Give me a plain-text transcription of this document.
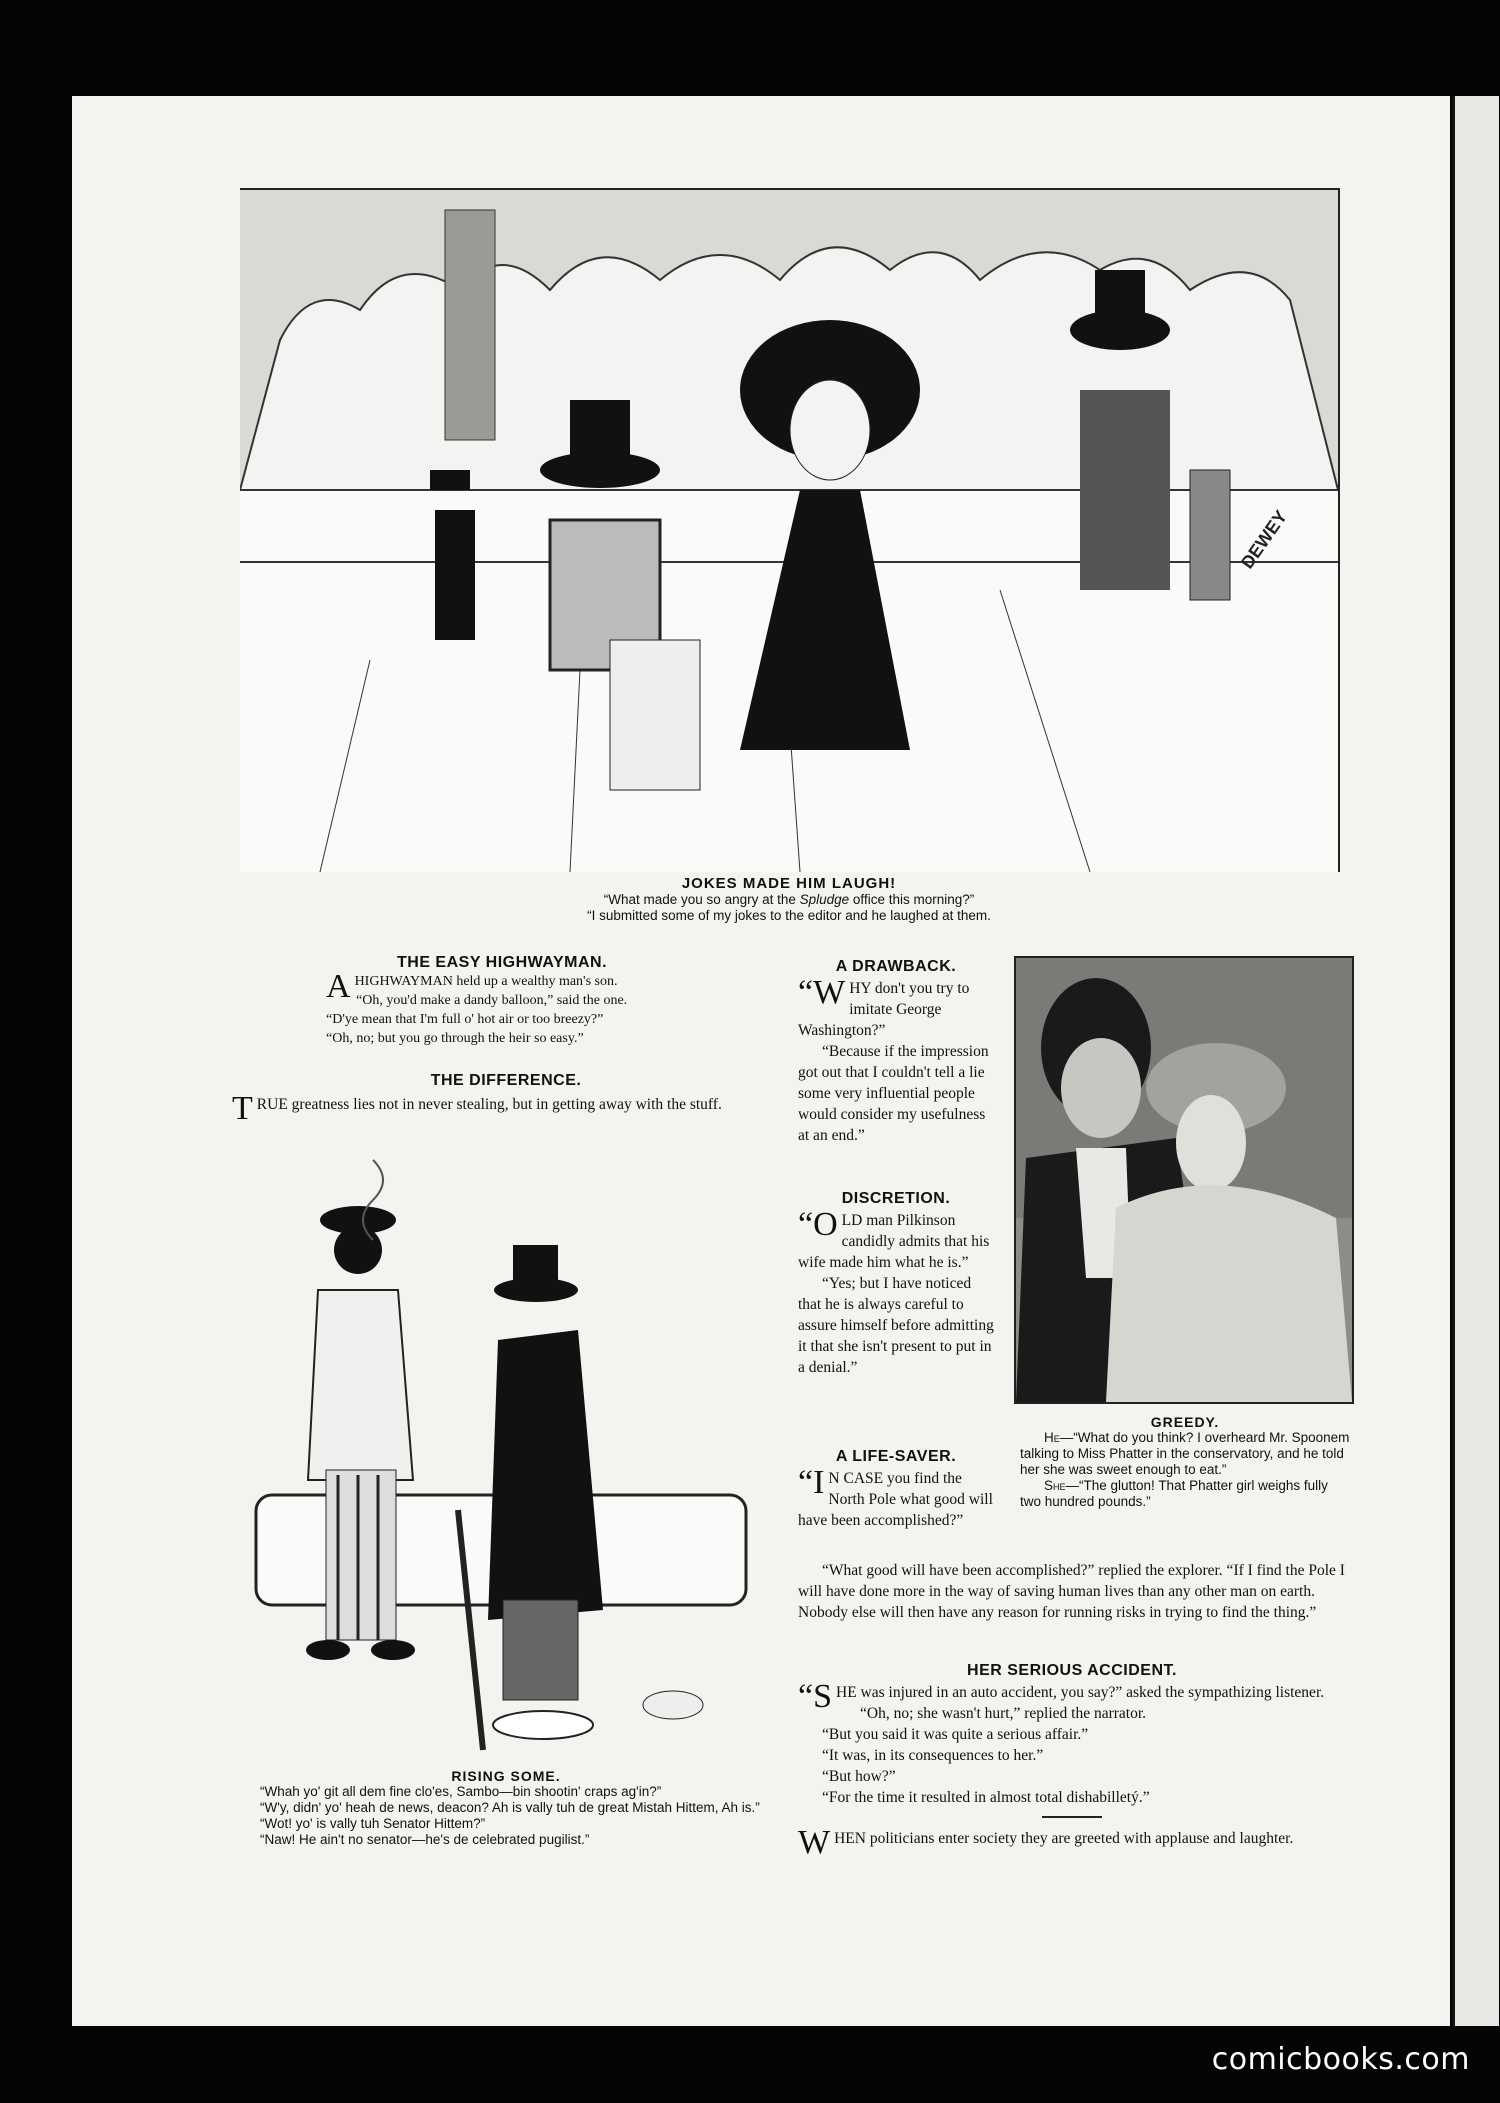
DEWEY
JOKES MADE HIM LAUGH!
“What made you so angry at the Spludge office this morning?”
“I submitted some of my jokes to the editor and he laughed at them.
THE EASY HIGHWAYMAN.
A HIGHWAYMAN held up a wealthy man's son.
“Oh, you'd make a dandy balloon,” said the one.
“D'ye mean that I'm full o' hot air or too breezy?”
“Oh, no; but you go through the heir so easy.”
THE DIFFERENCE.
T RUE greatness lies not in never stealing, but in getting away with the stuff.
RISING SOME.
“Whah yo' git all dem fine clo'es, Sambo—bin shootin' craps ag'in?”
“W'y, didn' yo' heah de news, deacon? Ah is vally tuh de great Mistah Hittem, Ah is.”
“Wot! yo' is vally tuh Senator Hittem?”
“Naw! He ain't no senator—he's de celebrated pugilist.”
A DRAWBACK.
“W HY don't you try to imitate George Washington?”

“Because if the impression got out that I couldn't tell a lie some very influential people would consider my usefulness at an end.”

DISCRETION.
“O LD man Pilkinson candidly admits that his wife made him what he is.”

“Yes; but I have noticed that he is always careful to assure himself before admitting it that she isn't present to put in a denial.”

GREEDY.
He—“What do you think? I overheard Mr. Spoonem talking to Miss Phatter in the conservatory, and he told her she was sweet enough to eat.”
She—“The glutton! That Phatter girl weighs fully two hundred pounds.”
A LIFE-SAVER.
“I N CASE you find the North Pole what good will have been accomplished?”

“What good will have been accomplished?” replied the explorer. “If I find the Pole I will have done more in the way of saving human lives than any other man on earth. Nobody else will then have any reason for running risks in trying to find the thing.”

HER SERIOUS ACCIDENT.
“S HE was injured in an auto accident, you say?” asked the sympathizing listener.

“Oh, no; she wasn't hurt,” replied the narrator.

“But you said it was quite a serious affair.”

“It was, in its consequences to her.”

“But how?”

“For the time it resulted in almost total dishabilletý.”

W HEN politicians enter society they are greeted with applause and laughter.
comicbooks.com
